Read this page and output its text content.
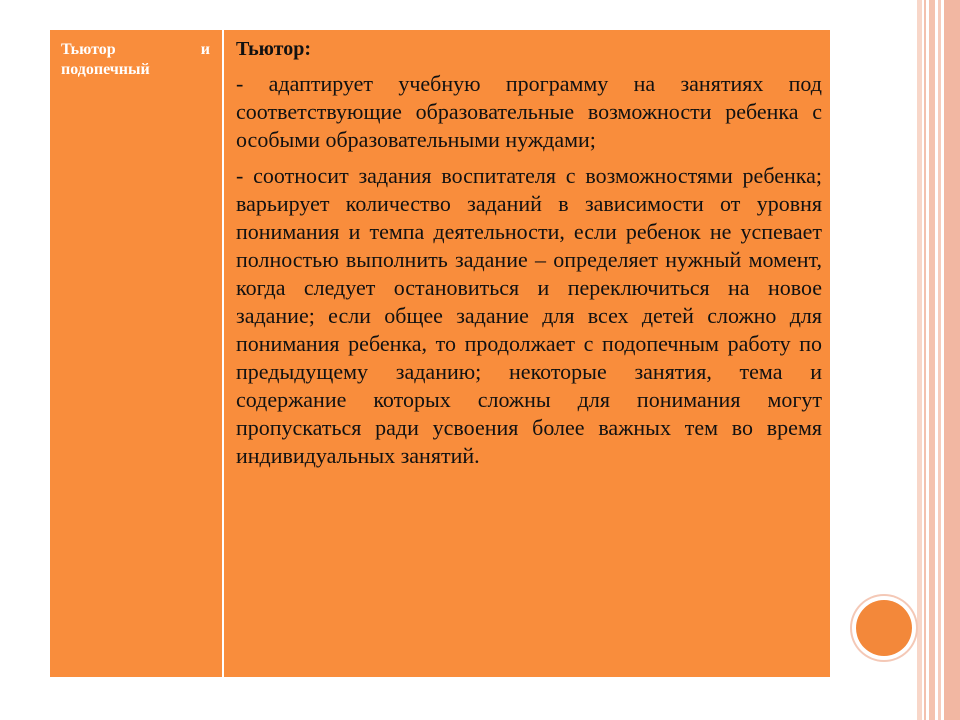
Тьютор и
подопечный

Тьютор:
- адаптирует учебную программу на занятиях под соответствующие образовательные возможности ребенка с особыми образовательными нуждами;
- соотносит задания воспитателя с возможностями ребенка; варьирует количество заданий в зависимости от уровня понимания и темпа деятельности, если ребенок не успевает полностью выполнить задание – определяет нужный момент, когда следует остановиться и переключиться на новое задание; если общее задание для всех детей сложно для понимания ребенка, то продолжает с подопечным работу по предыдущему заданию; некоторые занятия, тема и содержание которых сложны для понимания могут пропускаться ради усвоения более важных тем во время индивидуальных занятий.
